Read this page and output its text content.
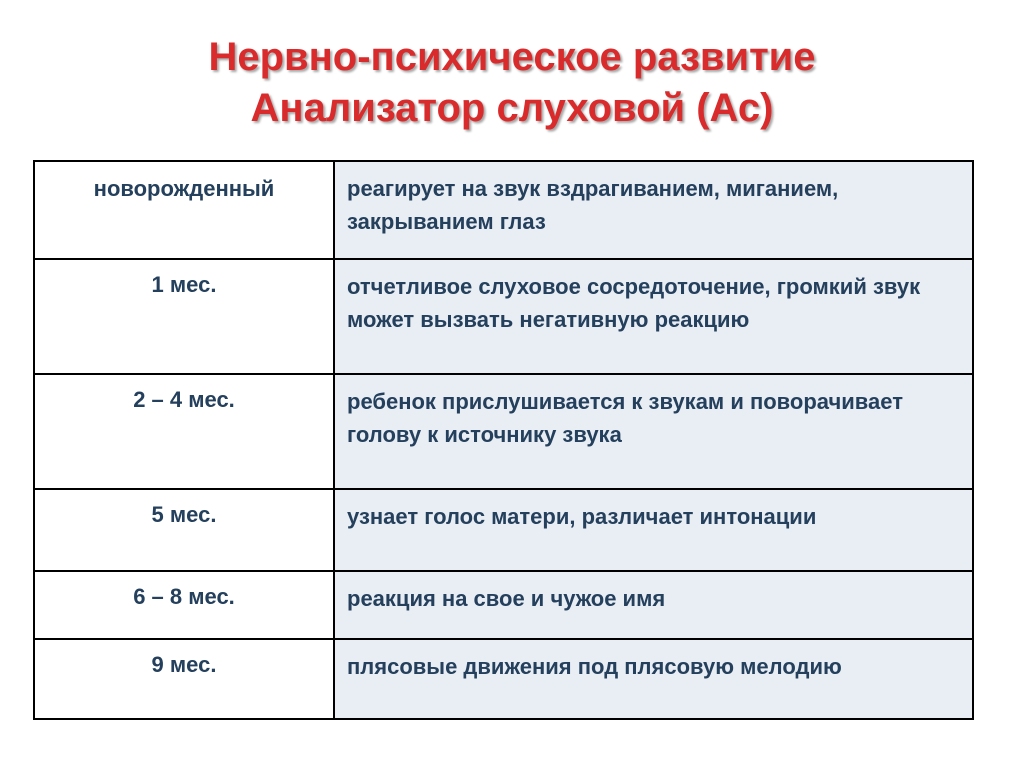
Нервно-психическое развитие
Анализатор слуховой (Ас)
новорожденный	реагирует на звук вздрагиванием, миганием, закрыванием глаз
1 мес.	отчетливое слуховое сосредоточение, громкий звук может вызвать негативную реакцию
2 – 4 мес.	ребенок прислушивается к звукам и поворачивает голову к источнику звука
5 мес.	узнает голос матери, различает интонации
6 – 8 мес.	реакция на свое и чужое имя
9 мес.	плясовые движения под плясовую мелодию
